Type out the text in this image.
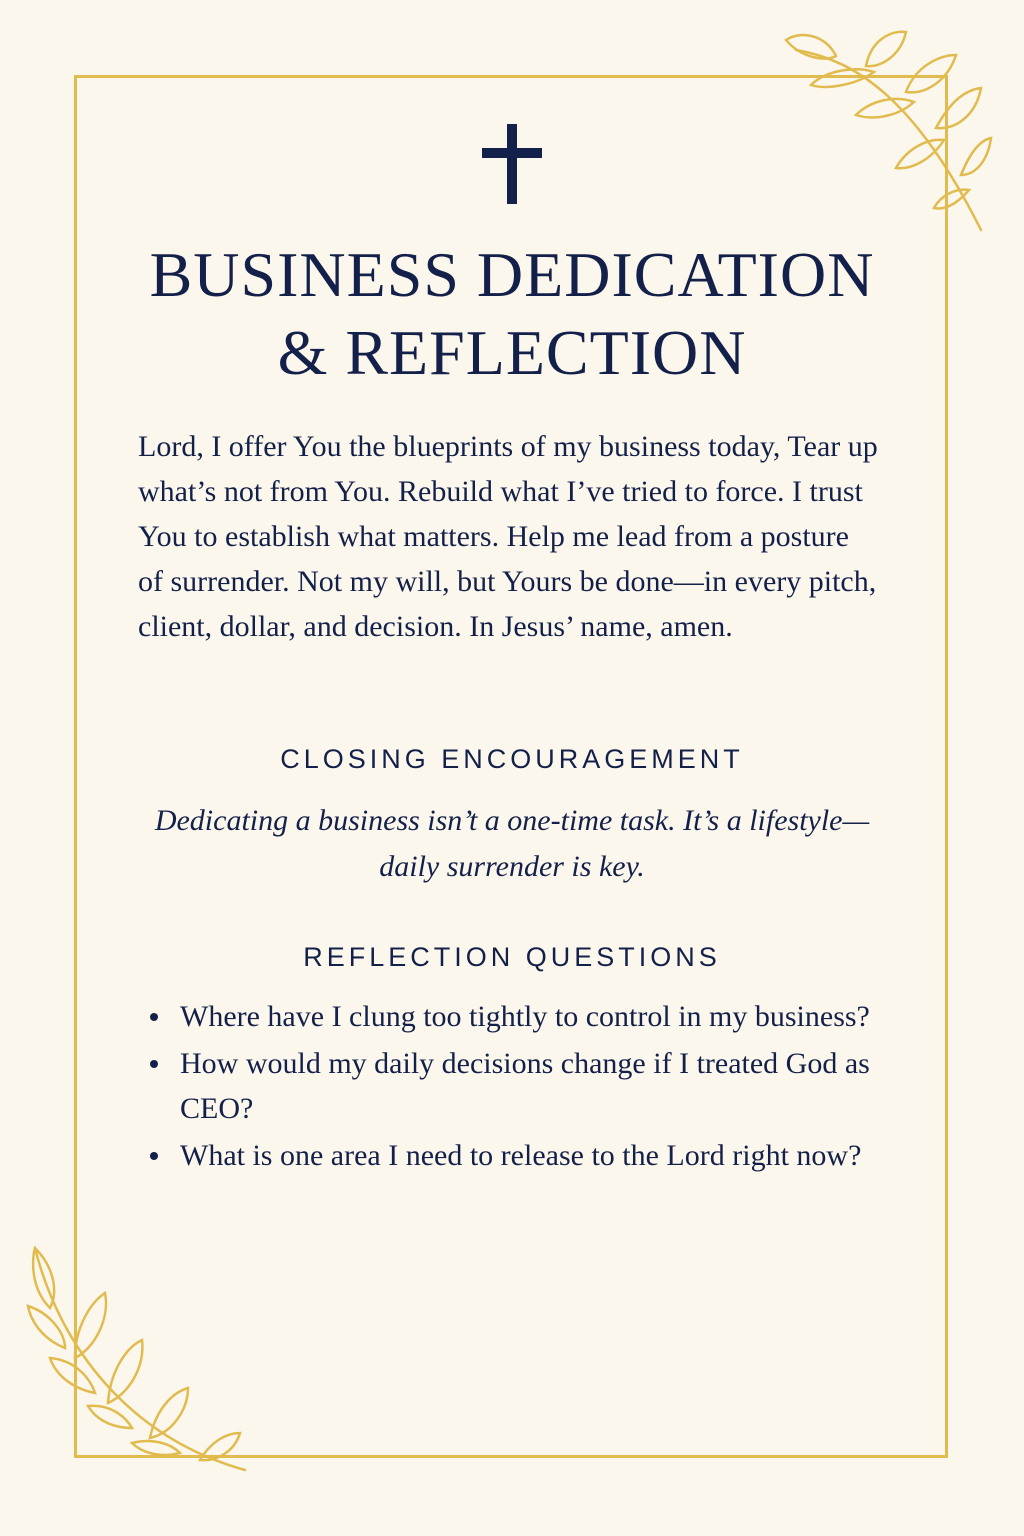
BUSINESS DEDICATION
& REFLECTION

Lord, I offer You the blueprints of my business today, Tear up what’s not from You. Rebuild what I’ve tried to force. I trust You to establish what matters. Help me lead from a posture of surrender. Not my will, but Yours be done—in every pitch, client, dollar, and decision. In Jesus’ name, amen.

CLOSING ENCOURAGEMENT

Dedicating a business isn’t a one-time task. It’s a lifestyle—daily surrender is key.

REFLECTION QUESTIONS
Where have I clung too tightly to control in my business?
How would my daily decisions change if I treated God as CEO?
What is one area I need to release to the Lord right now?
